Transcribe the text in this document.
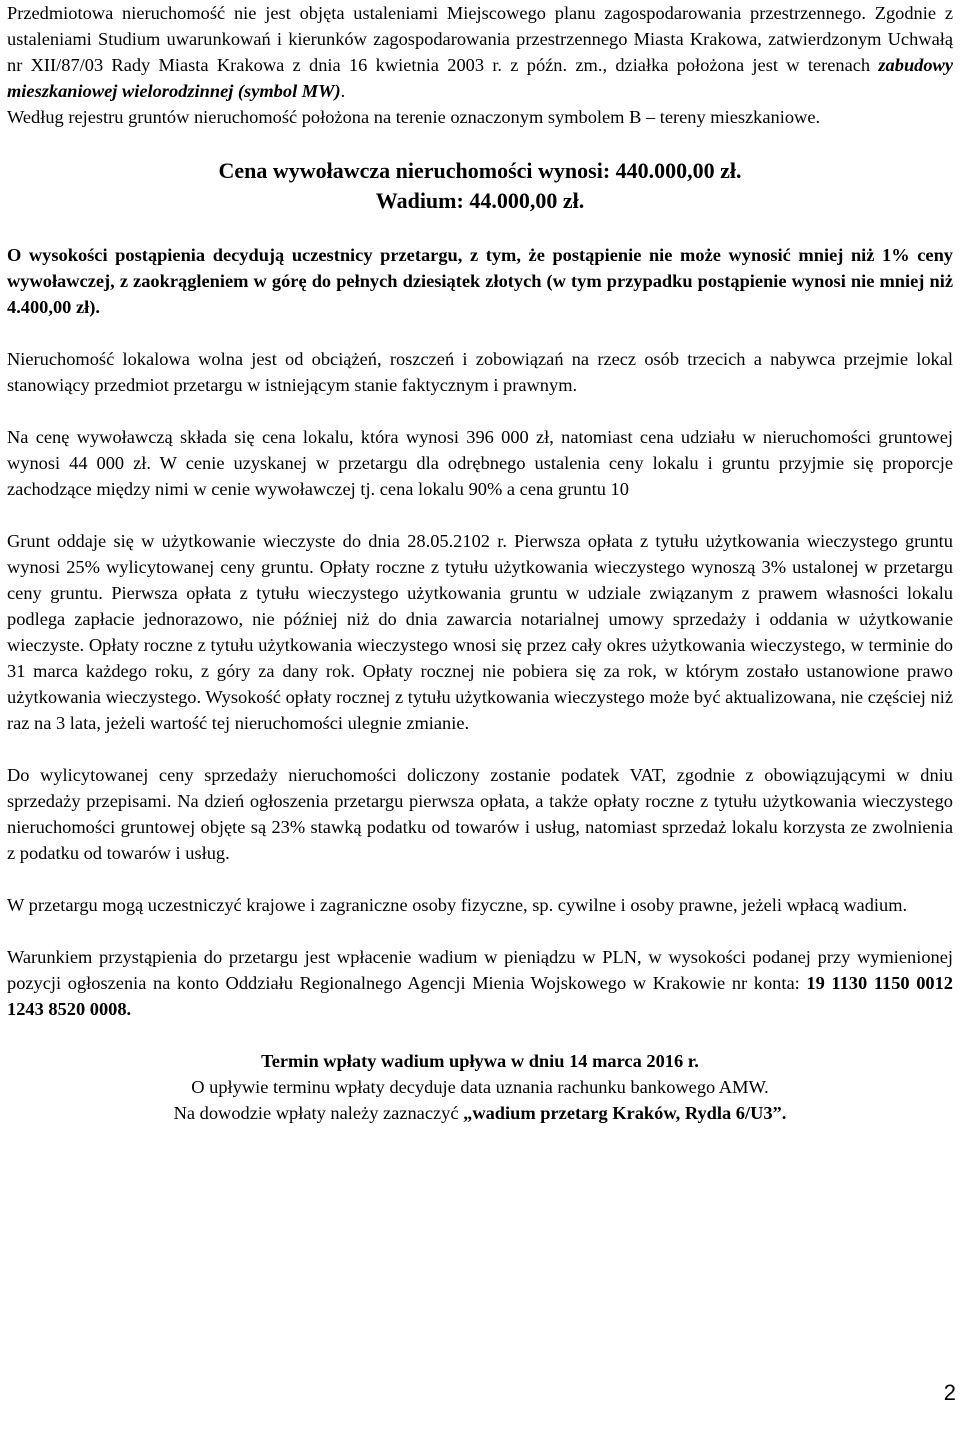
Przedmiotowa nieruchomość nie jest objęta ustaleniami Miejscowego planu zagospodarowania przestrzennego. Zgodnie z ustaleniami Studium uwarunkowań i kierunków zagospodarowania przestrzennego Miasta Krakowa, zatwierdzonym Uchwałą nr XII/87/03 Rady Miasta Krakowa z dnia 16 kwietnia 2003 r. z późn. zm., działka położona jest w terenach zabudowy mieszkaniowej wielorodzinnej (symbol MW).

Według rejestru gruntów nieruchomość położona na terenie oznaczonym symbolem B – tereny mieszkaniowe.

Cena wywoławcza nieruchomości wynosi: 440.000,00 zł.
Wadium: 44.000,00 zł.

O wysokości postąpienia decydują uczestnicy przetargu, z tym, że postąpienie nie może wynosić mniej niż 1% ceny wywoławczej, z zaokrągleniem w górę do pełnych dziesiątek złotych (w tym przypadku postąpienie wynosi nie mniej niż 4.400,00 zł).

Nieruchomość lokalowa wolna jest od obciążeń, roszczeń i zobowiązań na rzecz osób trzecich a nabywca przejmie lokal stanowiący przedmiot przetargu w istniejącym stanie faktycznym i prawnym.

Na cenę wywoławczą składa się cena lokalu, która wynosi 396 000 zł, natomiast cena udziału w nieruchomości gruntowej wynosi 44 000 zł. W cenie uzyskanej w przetargu dla odrębnego ustalenia ceny lokalu i gruntu przyjmie się proporcje zachodzące między nimi w cenie wywoławczej tj. cena lokalu 90% a cena gruntu 10

Grunt oddaje się w użytkowanie wieczyste do dnia 28.05.2102 r. Pierwsza opłata z tytułu użytkowania wieczystego gruntu wynosi 25% wylicytowanej ceny gruntu. Opłaty roczne z tytułu użytkowania wieczystego wynoszą 3% ustalonej w przetargu ceny gruntu. Pierwsza opłata z tytułu wieczystego użytkowania gruntu w udziale związanym z prawem własności lokalu podlega zapłacie jednorazowo, nie później niż do dnia zawarcia notarialnej umowy sprzedaży i oddania w użytkowanie wieczyste. Opłaty roczne z tytułu użytkowania wieczystego wnosi się przez cały okres użytkowania wieczystego, w terminie do 31 marca każdego roku, z góry za dany rok. Opłaty rocznej nie pobiera się za rok, w którym zostało ustanowione prawo użytkowania wieczystego. Wysokość opłaty rocznej z tytułu użytkowania wieczystego może być aktualizowana, nie częściej niż raz na 3 lata, jeżeli wartość tej nieruchomości ulegnie zmianie.

Do wylicytowanej ceny sprzedaży nieruchomości doliczony zostanie podatek VAT, zgodnie z obowiązującymi w dniu sprzedaży przepisami. Na dzień ogłoszenia przetargu pierwsza opłata, a także opłaty roczne z tytułu użytkowania wieczystego nieruchomości gruntowej objęte są 23% stawką podatku od towarów i usług, natomiast sprzedaż lokalu korzysta ze zwolnienia z podatku od towarów i usług.

W przetargu mogą uczestniczyć krajowe i zagraniczne osoby fizyczne, sp. cywilne i osoby prawne, jeżeli wpłacą wadium.

Warunkiem przystąpienia do przetargu jest wpłacenie wadium w pieniądzu w PLN, w wysokości podanej przy wymienionej pozycji ogłoszenia na konto Oddziału Regionalnego Agencji Mienia Wojskowego w Krakowie nr konta: 19 1130 1150 0012 1243 8520 0008.

Termin wpłaty wadium upływa w dniu 14 marca 2016 r.
O upływie terminu wpłaty decyduje data uznania rachunku bankowego AMW.
Na dowodzie wpłaty należy zaznaczyć „wadium przetarg Kraków, Rydla 6/U3”.
2
